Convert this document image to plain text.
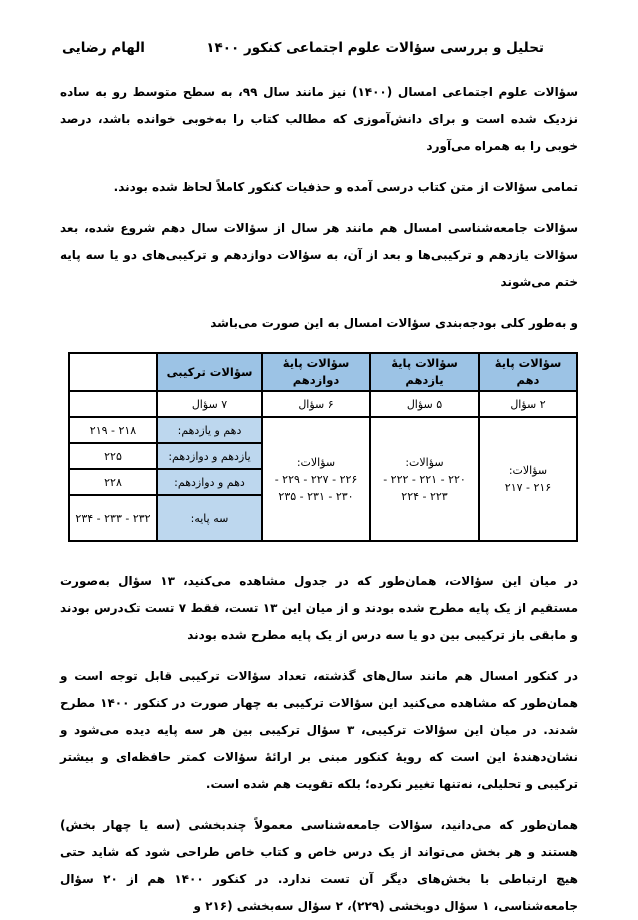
تحلیل و بررسی سؤالات علوم اجتماعی کنکور ۱۴۰۰
الهام رضایی

سؤالات علوم اجتماعی امسال (۱۴۰۰) نیز مانند سال ۹۹، به سطح متوسط رو به ساده نزدیک شده است و برای دانش‌آموزی که مطالب کتاب را به‌خوبی خوانده باشد، درصد خوبی را به همراه می‌آورد

تمامی سؤالات از متن کتاب درسی آمده و حذفیات کنکور کاملاً لحاظ شده بودند.

سؤالات جامعه‌شناسی امسال هم مانند هر سال از سؤالات سال دهم شروع شده، بعد سؤالات یازدهم و ترکیبی‌ها و بعد از آن، به سؤالات دوازدهم و ترکیبی‌های دو یا سه پایه ختم می‌شوند

و به‌طور کلی بودجه‌بندی سؤالات امسال به این صورت می‌باشد

سؤالات پایۀ دهم	سؤالات پایۀ یازدهم	سؤالات پایۀ دوازدهم	سؤالات ترکیبی	
۲ سؤال	۵ سؤال	۶ سؤال	۷ سؤال	

سؤالات:
۲۱۶ - ۲۱۷

سؤالات:
۲۲۰ - ۲۲۱ - ۲۲۲ - ۲۲۳ - ۲۲۴

سؤالات:
۲۲۶ - ۲۲۷ - ۲۲۹ - ۲۳۰ - ۲۳۱ - ۲۳۵
	دهم و یازدهم:	۲۱۸ - ۲۱۹
			یازدهم و دوازدهم:	۲۲۵
			دهم و دوازدهم:	۲۲۸
			سه پایه:	۲۳۲ - ۲۳۳ - ۲۳۴

در میان این سؤالات، همان‌طور که در جدول مشاهده می‌کنید، ۱۳ سؤال به‌صورت مستقیم از یک پایه مطرح شده بودند و از میان این ۱۳ تست، فقط ۷ تست تک‌درس بودند و مابقی باز ترکیبی بین دو یا سه درس از یک پایه مطرح شده بودند

در کنکور امسال هم مانند سال‌های گذشته، تعداد سؤالات ترکیبی قابل توجه است و همان‌طور که مشاهده می‌کنید این سؤالات ترکیبی به چهار صورت در کنکور ۱۴۰۰ مطرح شدند. در میان این سؤالات ترکیبی، ۳ سؤال ترکیبی بین هر سه پایه دیده می‌شود و نشان‌دهندۀ این است که رویۀ کنکور مبنی بر ارائۀ سؤالات کمتر حافظه‌ای و بیشتر ترکیبی و تحلیلی، نه‌تنها تغییر نکرده؛ بلکه تقویت هم شده است.

همان‌طور که می‌دانید، سؤالات جامعه‌شناسی معمولاً چندبخشی (سه یا چهار بخش) هستند و هر بخش می‌تواند از یک درس خاص و کتاب خاص طراحی شود که شاید حتی هیچ ارتباطی با بخش‌های دیگر آن تست ندارد. در کنکور ۱۴۰۰ هم از ۲۰ سؤال جامعه‌شناسی، ۱ سؤال دوبخشی (۲۲۹)، ۲ سؤال سه‌بخشی (۲۱۶ و
